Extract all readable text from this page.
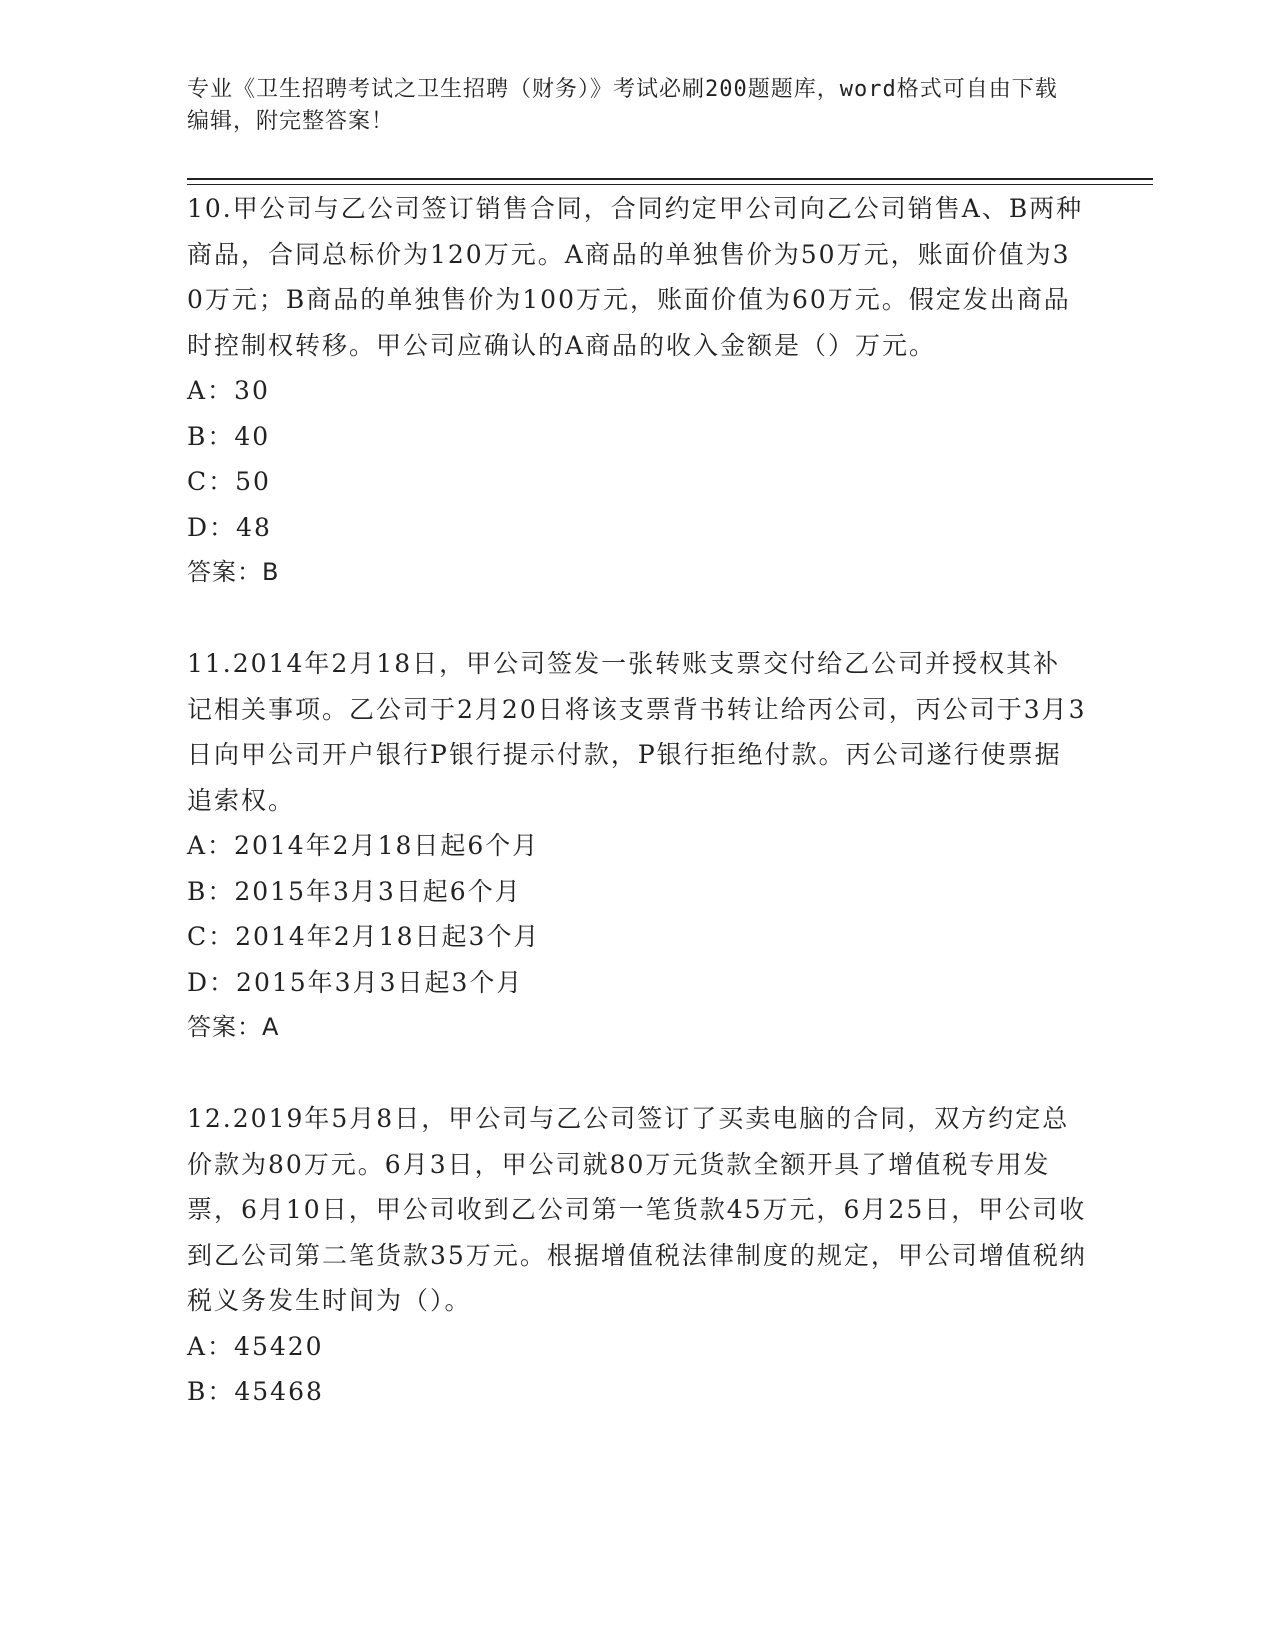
专业《卫生招聘考试之卫生招聘（财务）》考试必刷200题题库，word格式可自由下载编辑，附完整答案！
10.甲公司与乙公司签订销售合同，合同约定甲公司向乙公司销售A、B两种商品，合同总标价为120万元。A商品的单独售价为50万元，账面价值为30万元；B商品的单独售价为100万元，账面价值为60万元。假定发出商品时控制权转移。甲公司应确认的A商品的收入金额是（）万元。
A：30
B：40
C：50
D：48
答案：B
11.2014年2月18日，甲公司签发一张转账支票交付给乙公司并授权其补记相关事项。乙公司于2月20日将该支票背书转让给丙公司，丙公司于3月3日向甲公司开户银行P银行提示付款，P银行拒绝付款。丙公司遂行使票据追索权。
A：2014年2月18日起6个月
B：2015年3月3日起6个月
C：2014年2月18日起3个月
D：2015年3月3日起3个月
答案：A
12.2019年5月8日，甲公司与乙公司签订了买卖电脑的合同，双方约定总价款为80万元。6月3日，甲公司就80万元货款全额开具了增值税专用发票，6月10日，甲公司收到乙公司第一笔货款45万元，6月25日，甲公司收到乙公司第二笔货款35万元。根据增值税法律制度的规定，甲公司增值税纳税义务发生时间为（）。
A：45420
B：45468
